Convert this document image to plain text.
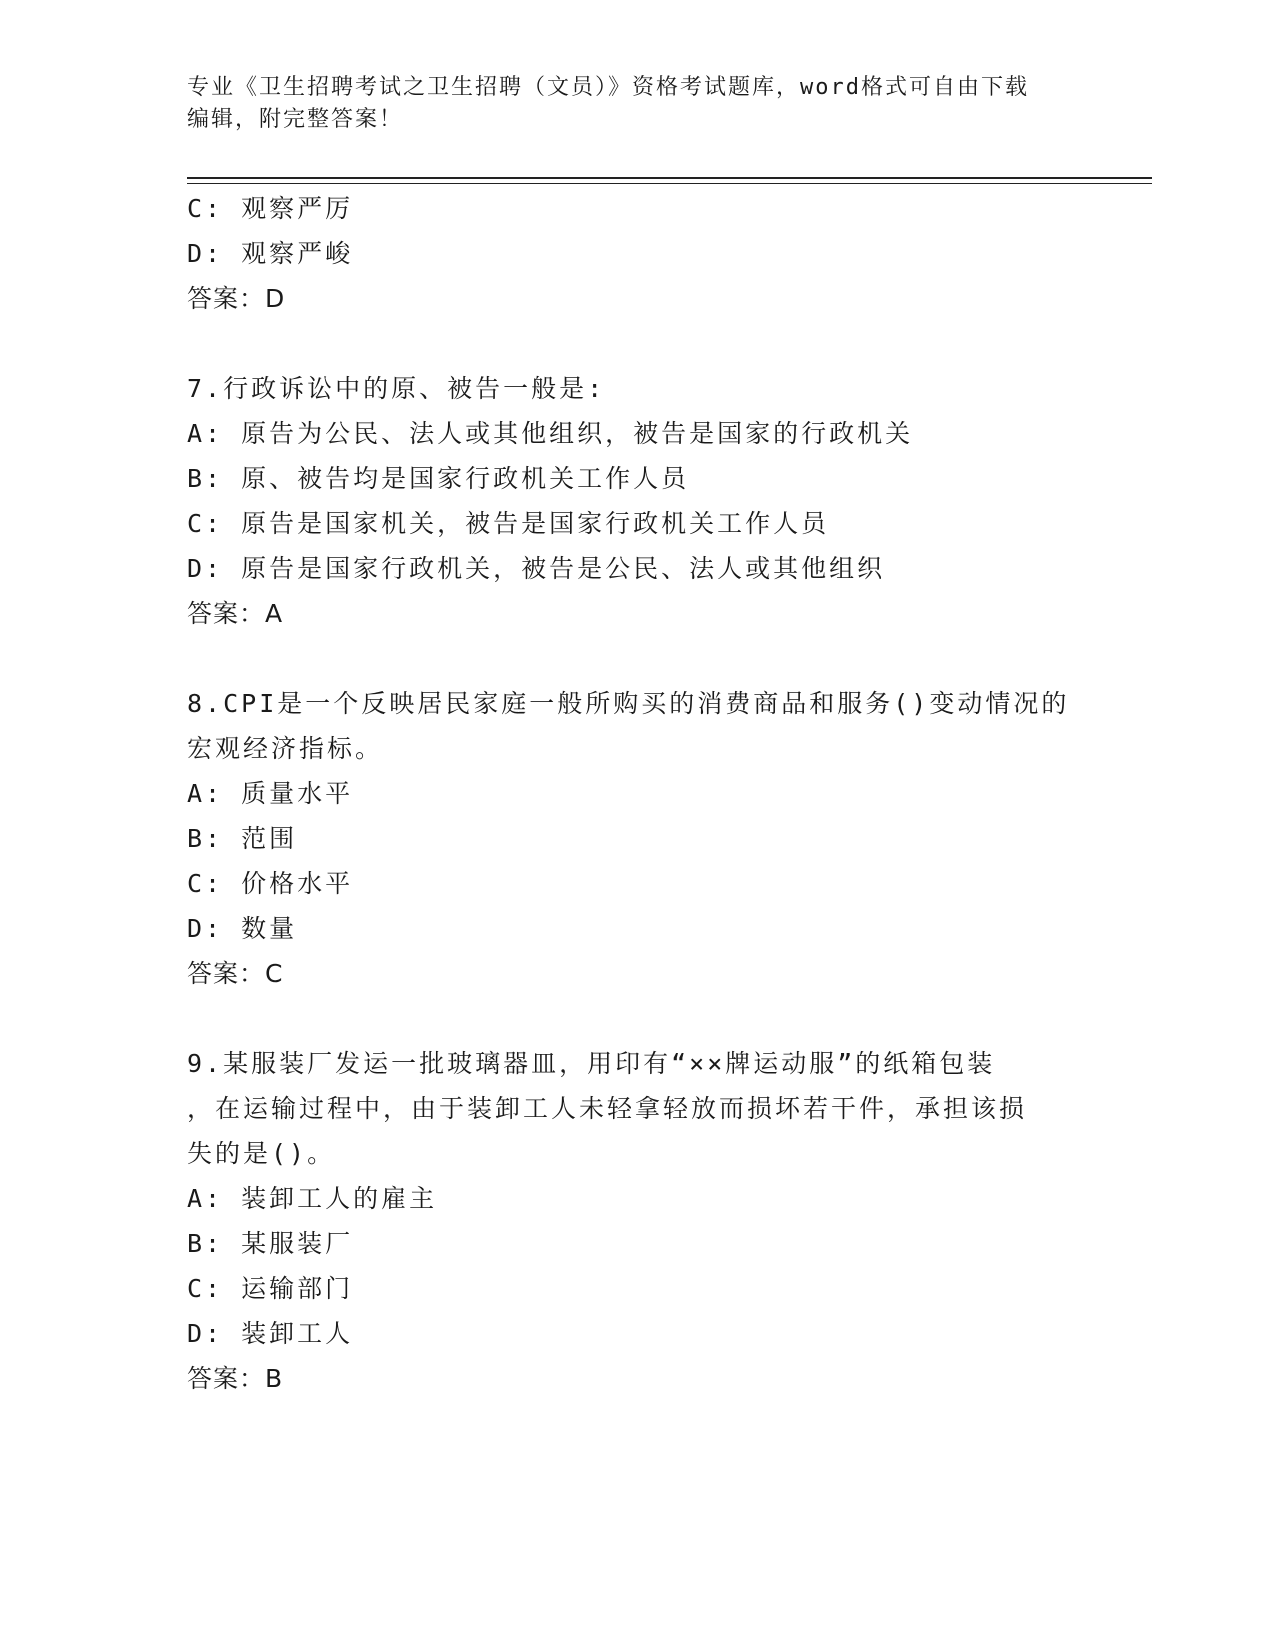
专业《卫生招聘考试之卫生招聘（文员）》资格考试题库，word格式可自由下载
编辑，附完整答案！
C: 观察严厉
D: 观察严峻
答案：D
7.行政诉讼中的原、被告一般是:
A: 原告为公民、法人或其他组织，被告是国家的行政机关
B: 原、被告均是国家行政机关工作人员
C: 原告是国家机关，被告是国家行政机关工作人员
D: 原告是国家行政机关，被告是公民、法人或其他组织
答案：A
8.CPI是一个反映居民家庭一般所购买的消费商品和服务()变动情况的
宏观经济指标。
A: 质量水平
B: 范围
C: 价格水平
D: 数量
答案：C
9.某服装厂发运一批玻璃器皿，用印有“××牌运动服”的纸箱包装
，在运输过程中，由于装卸工人未轻拿轻放而损坏若干件，承担该损
失的是()。
A: 装卸工人的雇主
B: 某服装厂
C: 运输部门
D: 装卸工人
答案：B
